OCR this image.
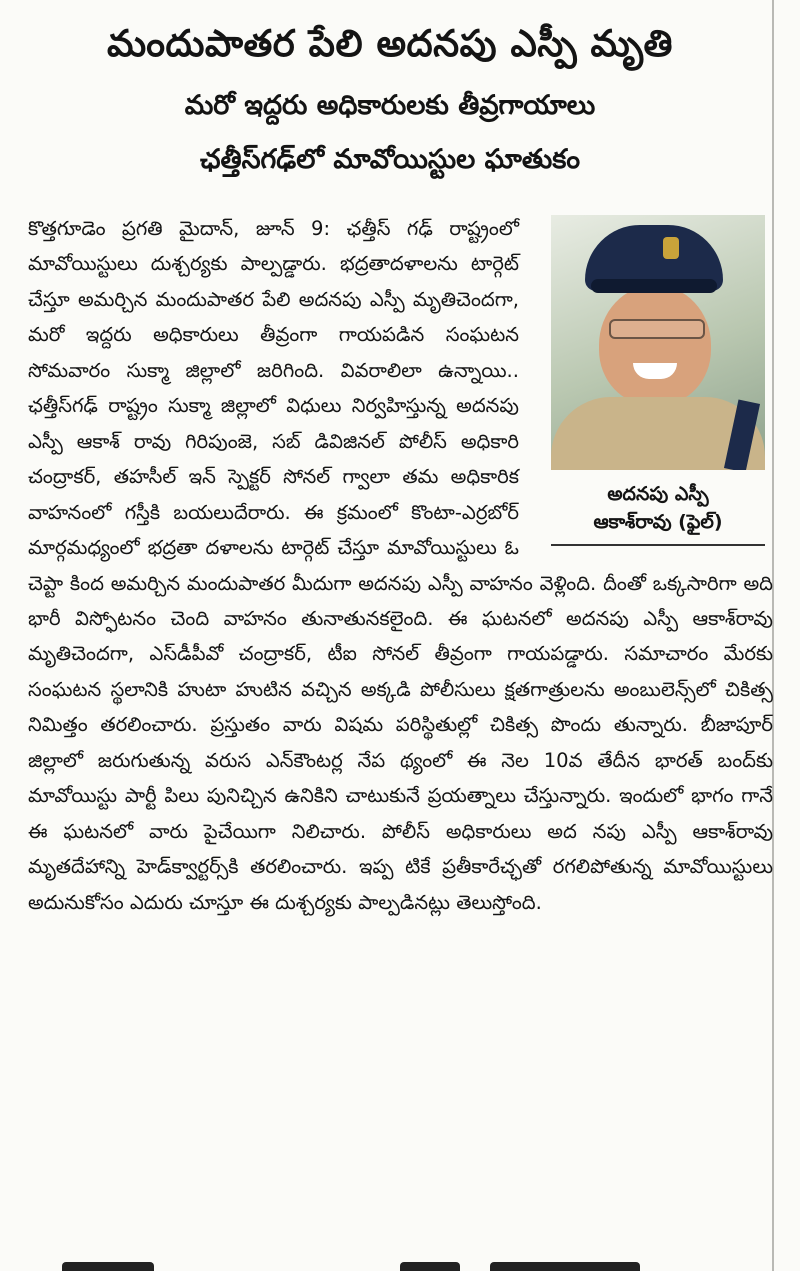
మందుపాతర పేలి అదనపు ఎస్పీ మృతి
మరో ఇద్దరు అధికారులకు తీవ్రగాయాలు
ఛత్తీస్‌గఢ్‌లో మావోయిస్టుల ఘాతుకం
అదనపు ఎస్పీ
ఆకాశ్‌రావు (ఫైల్)
కొత్తగూడెం ప్రగతి మైదాన్, జూన్ 9: ఛత్తీస్ గఢ్ రాష్ట్రంలో మావోయిస్టులు దుశ్చర్యకు పాల్పడ్డారు. భద్రతాదళాలను టార్గెట్ చేస్తూ అమర్చిన మందుపాతర పేలి అదనపు ఎస్పీ మృతిచెందగా, మరో ఇద్దరు అధికారులు తీవ్రంగా గాయపడిన సంఘటన సోమవారం సుక్మా జిల్లాలో జరిగింది. వివరాలిలా ఉన్నాయి.. ఛత్తీస్‌గఢ్ రాష్ట్రం సుక్మా జిల్లాలో విధులు నిర్వహిస్తున్న అదనపు ఎస్పీ ఆకాశ్ రావు గిరిపుంజె, సబ్ డివిజినల్ పోలీస్ అధికారి చంద్రాకర్, తహసీల్ ఇన్ స్పెక్టర్ సోనల్ గ్వాలా తమ అధికారిక వాహనంలో గస్తీకి బయలుదేరారు. ఈ క్రమంలో కొంటా-ఎర్రబోర్ మార్గమధ్యంలో భద్రతా దళాలను టార్గెట్ చేస్తూ మావోయిస్టులు ఓ చెప్టా కింద అమర్చిన మందుపాతర మీదుగా అదనపు ఎస్పీ వాహనం వెళ్లింది. దీంతో ఒక్కసారిగా అది భారీ విస్ఫోటనం చెంది వాహనం తునాతునకలైంది. ఈ ఘటనలో అదనపు ఎస్పీ ఆకాశ్‌రావు మృతిచెందగా, ఎస్‌డీపీవో చంద్రాకర్, టీఐ సోనల్ తీవ్రంగా గాయపడ్డారు. సమాచారం మేరకు సంఘటన స్థలానికి హుటా హుటిన వచ్చిన అక్కడి పోలీసులు క్షతగాత్రులను అంబులెన్స్‌లో చికిత్స నిమిత్తం తరలించారు. ప్రస్తుతం వారు విషమ పరిస్థితుల్లో చికిత్స పొందు తున్నారు. బీజాపూర్ జిల్లాలో జరుగుతున్న వరుస ఎన్‌కౌంటర్ల నేప థ్యంలో ఈ నెల 10వ తేదీన భారత్ బంద్‌కు మావోయిస్టు పార్టీ పిలు పునిచ్చిన ఉనికిని చాటుకునే ప్రయత్నాలు చేస్తున్నారు. ఇందులో భాగం గానే ఈ ఘటనలో వారు పైచేయిగా నిలిచారు. పోలీస్ అధికారులు అద నపు ఎస్పీ ఆకాశ్‌రావు మృతదేహాన్ని హెడ్‌క్వార్టర్స్‌కి తరలించారు. ఇప్ప టికే ప్రతీకారేచ్ఛతో రగలిపోతున్న మావోయిస్టులు అదునుకోసం ఎదురు చూస్తూ ఈ దుశ్చర్యకు పాల్పడినట్లు తెలుస్తోంది.
